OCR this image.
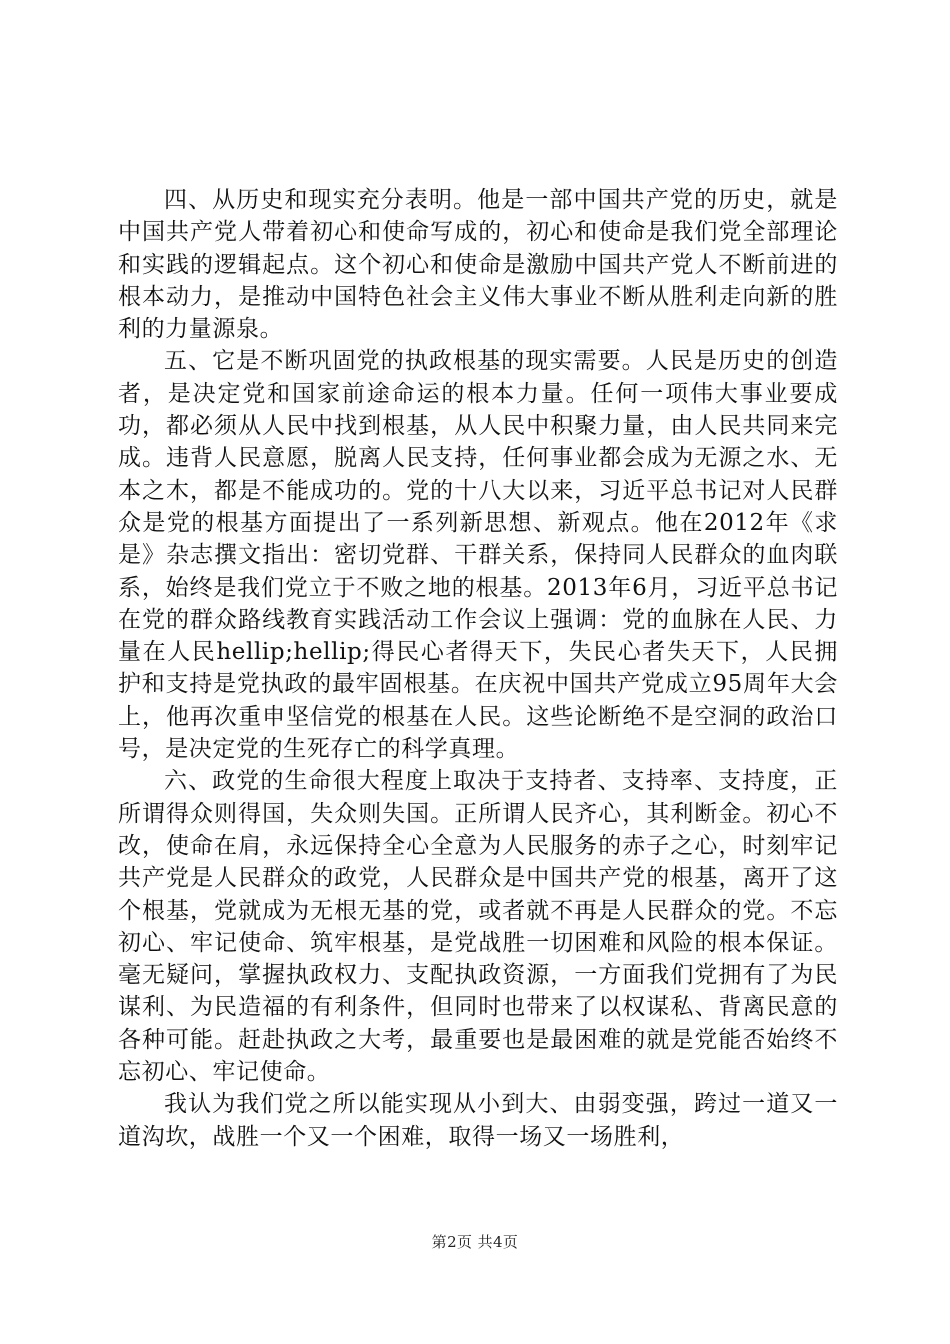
四、从历史和现实充分表明。他是一部中国共产党的历史，就是中国共产党人带着初心和使命写成的，初心和使命是我们党全部理论和实践的逻辑起点。这个初心和使命是激励中国共产党人不断前进的根本动力，是推动中国特色社会主义伟大事业不断从胜利走向新的胜利的力量源泉。

五、它是不断巩固党的执政根基的现实需要。人民是历史的创造者，是决定党和国家前途命运的根本力量。任何一项伟大事业要成功，都必须从人民中找到根基，从人民中积聚力量，由人民共同来完成。违背人民意愿，脱离人民支持，任何事业都会成为无源之水、无本之木，都是不能成功的。党的十八大以来，习近平总书记对人民群众是党的根基方面提出了一系列新思想、新观点。他在2012年《求是》杂志撰文指出：密切党群、干群关系，保持同人民群众的血肉联系，始终是我们党立于不败之地的根基。2013年6月，习近平总书记在党的群众路线教育实践活动工作会议上强调：党的血脉在人民、力量在人民hellip;hellip;得民心者得天下，失民心者失天下，人民拥护和支持是党执政的最牢固根基。在庆祝中国共产党成立95周年大会上，他再次重申坚信党的根基在人民。这些论断绝不是空洞的政治口号，是决定党的生死存亡的科学真理。

六、政党的生命很大程度上取决于支持者、支持率、支持度，正所谓得众则得国，失众则失国。正所谓人民齐心，其利断金。初心不改，使命在肩，永远保持全心全意为人民服务的赤子之心，时刻牢记共产党是人民群众的政党，人民群众是中国共产党的根基，离开了这个根基，党就成为无根无基的党，或者就不再是人民群众的党。不忘初心、牢记使命、筑牢根基，是党战胜一切困难和风险的根本保证。毫无疑问，掌握执政权力、支配执政资源，一方面我们党拥有了为民谋利、为民造福的有利条件，但同时也带来了以权谋私、背离民意的各种可能。赶赴执政之大考，最重要也是最困难的就是党能否始终不忘初心、牢记使命。

我认为我们党之所以能实现从小到大、由弱变强，跨过一道又一道沟坎，战胜一个又一个困难，取得一场又一场胜利，

第2页 共4页
